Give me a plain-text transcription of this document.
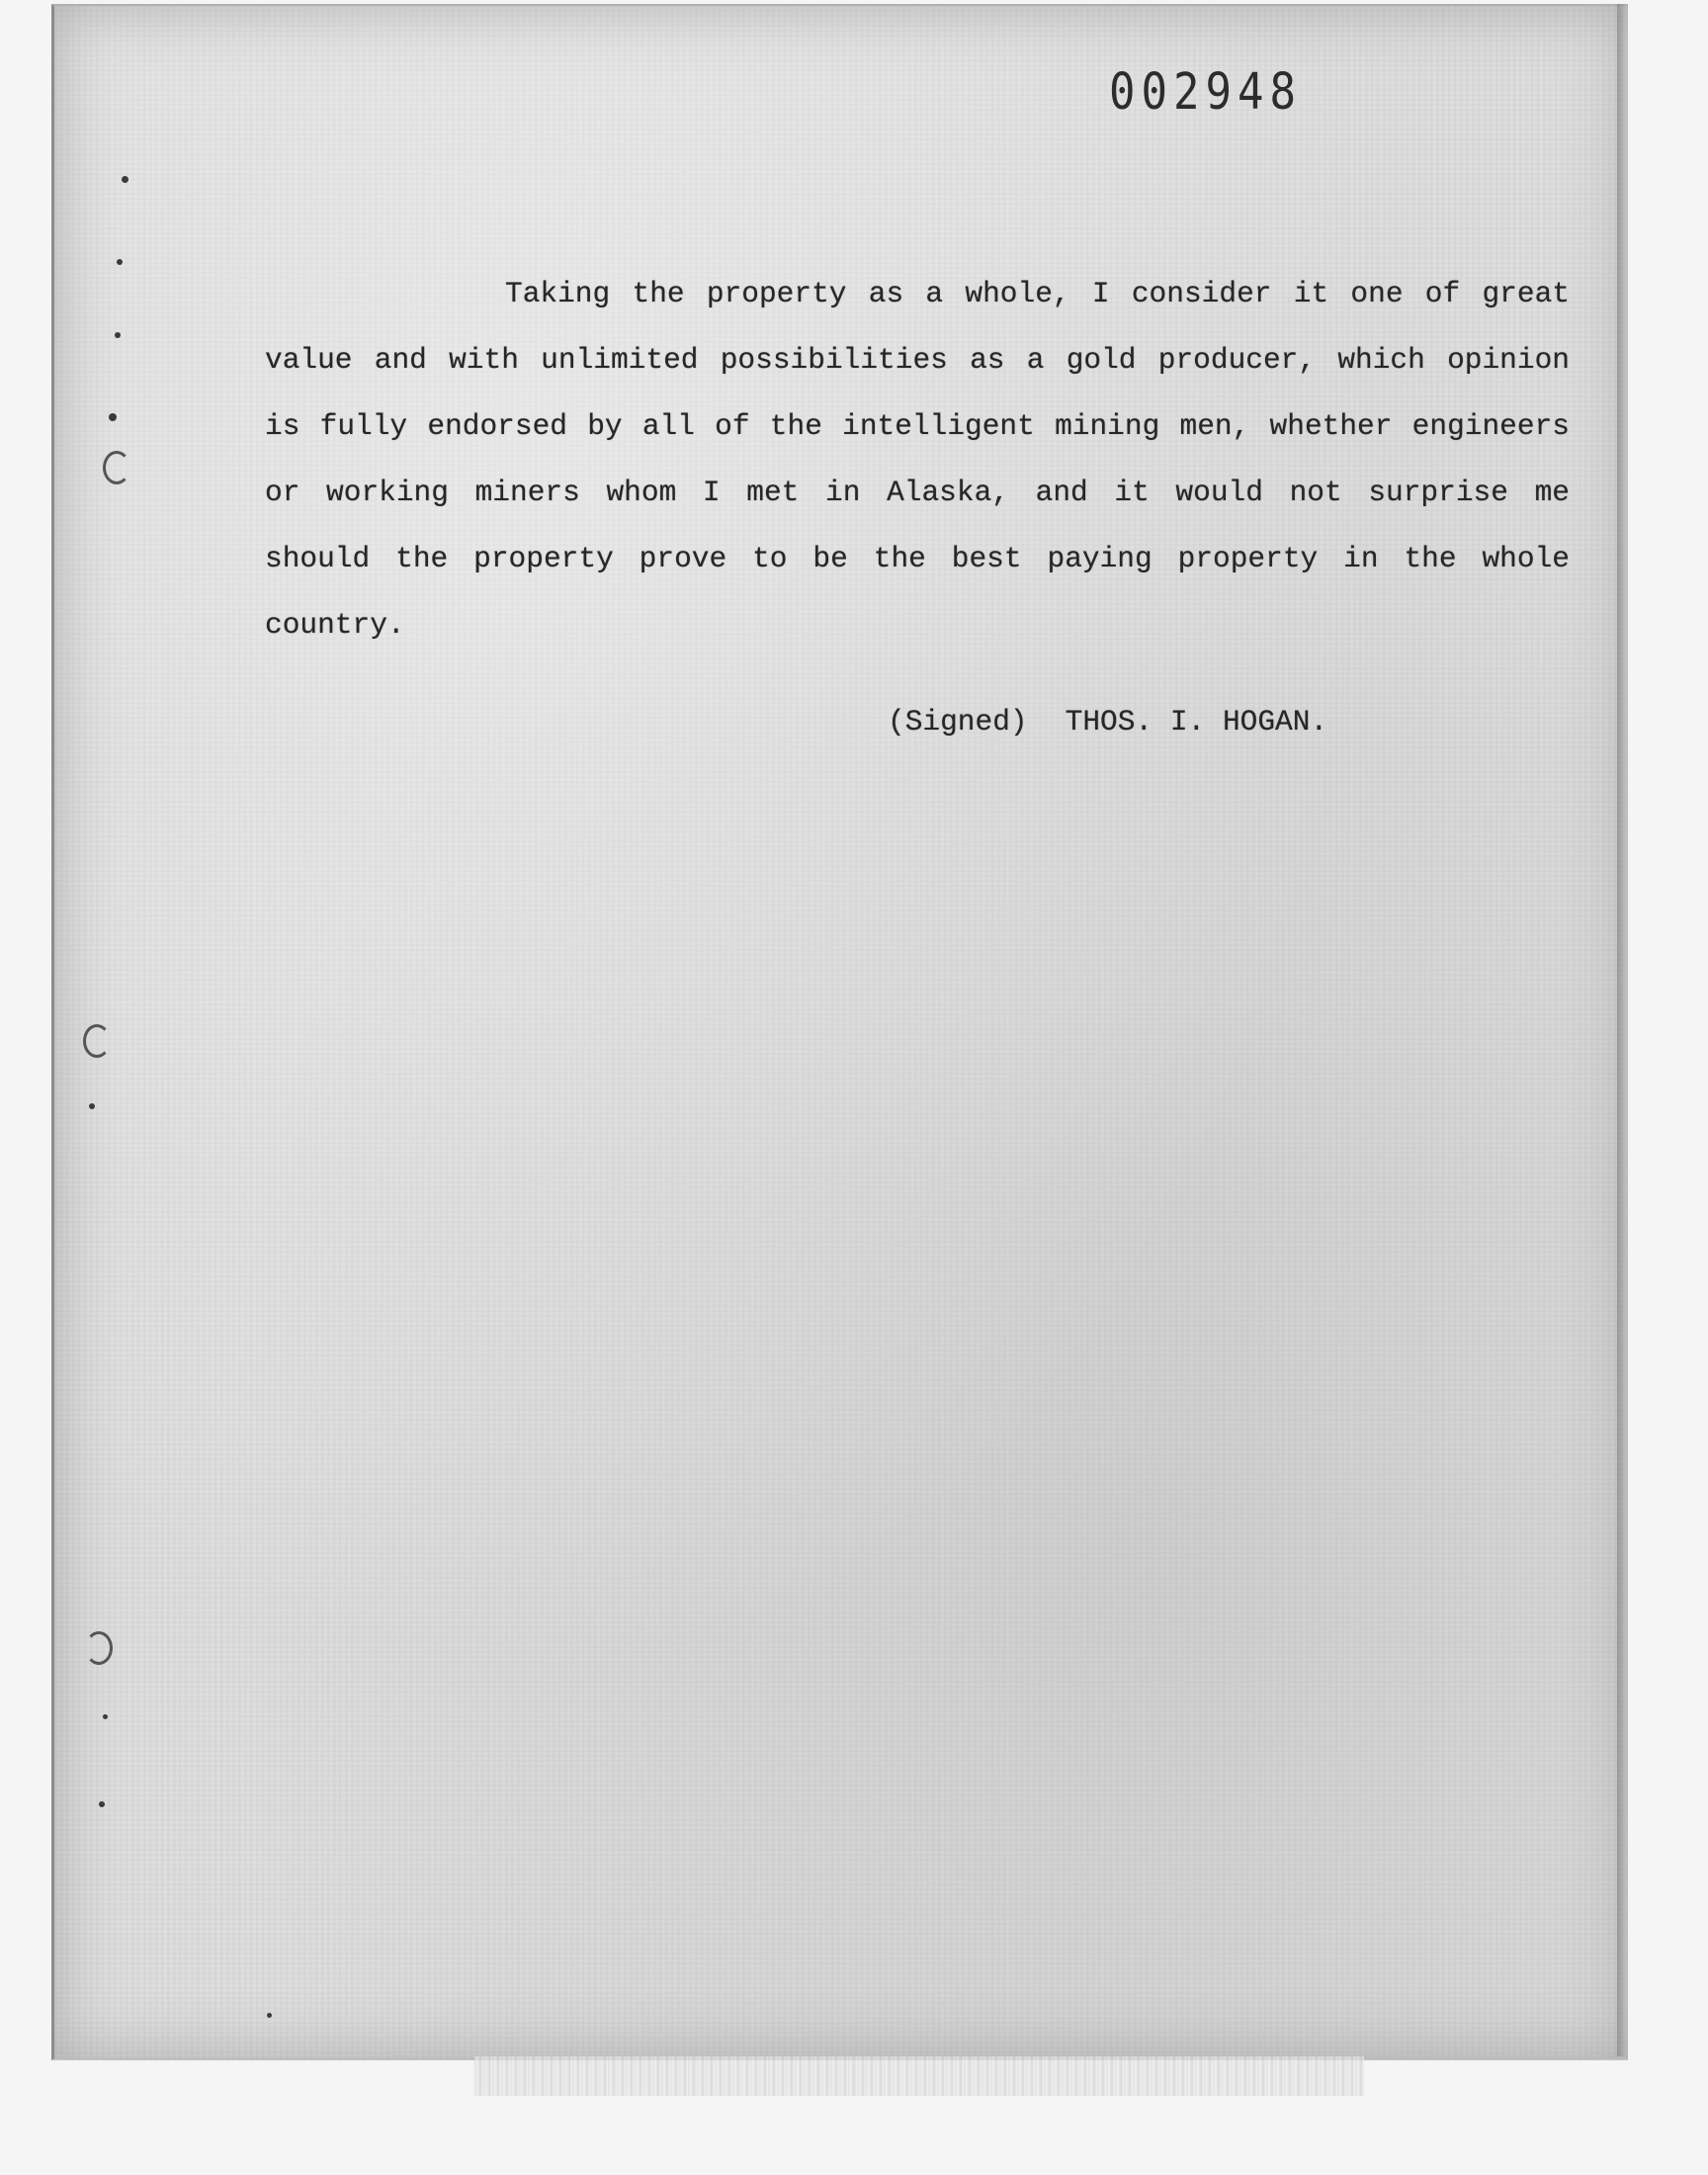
002948

Taking the property as a whole, I consider it one of great value and with unlimited possibilities as a gold producer, which opinion is fully endorsed by all of the intelligent mining men, whether engineers or working miners whom I met in Alaska, and it would not surprise me should the property prove to be the best paying property in the whole country.

(Signed) THOS. I. HOGAN.
